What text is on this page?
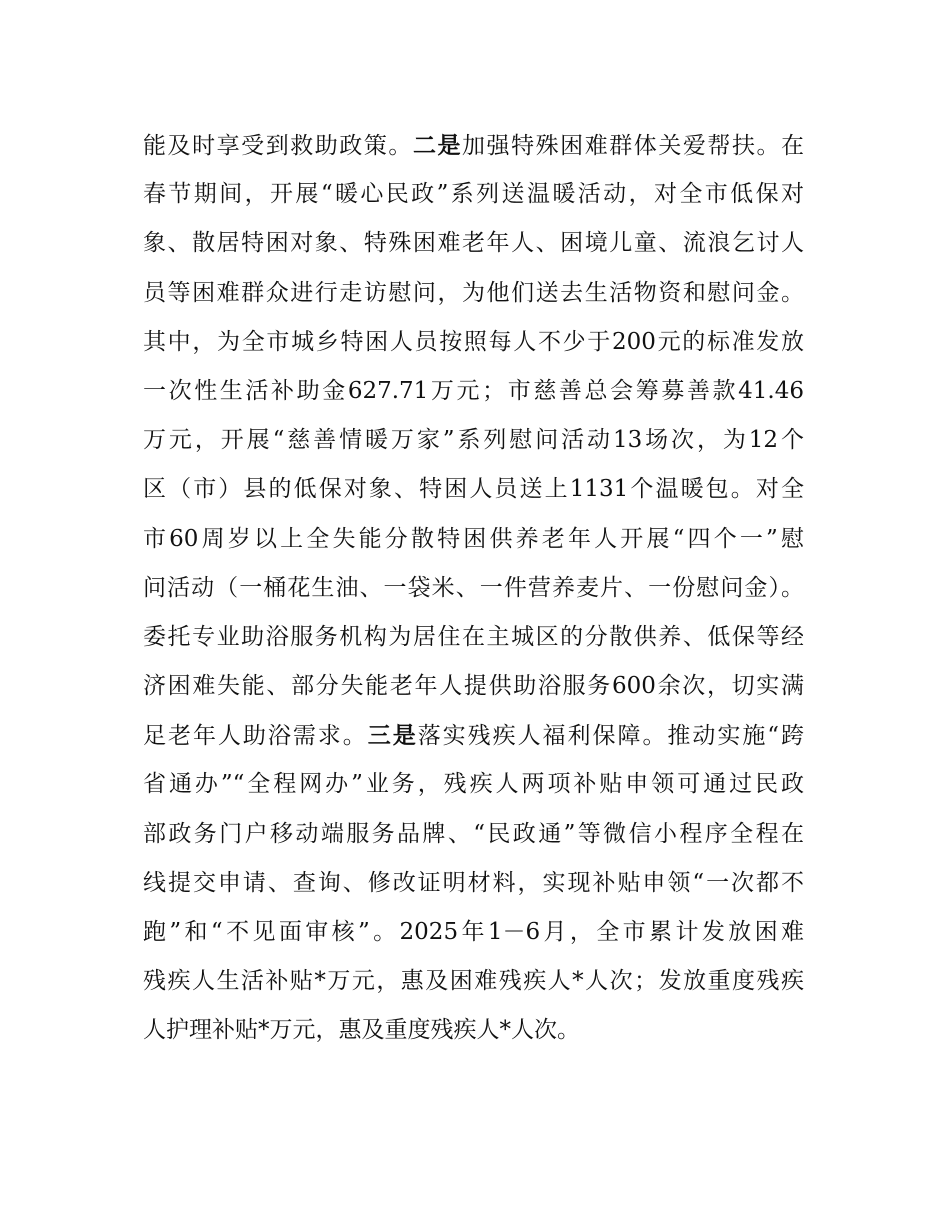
能及时享受到救助政策。二是加强特殊困难群体关爱帮扶。在
春节期间，开展“暖心民政”系列送温暖活动，对全市低保对
象、散居特困对象、特殊困难老年人、困境儿童、流浪乞讨人
员等困难群众进行走访慰问，为他们送去生活物资和慰问金。
其中，为全市城乡特困人员按照每人不少于200元的标准发放
一次性生活补助金627.71万元；市慈善总会筹募善款41.46
万元，开展“慈善情暖万家”系列慰问活动13场次，为12个
区（市）县的低保对象、特困人员送上1131个温暖包。对全
市60周岁以上全失能分散特困供养老年人开展“四个一”慰
问活动（一桶花生油、一袋米、一件营养麦片、一份慰问金）。
委托专业助浴服务机构为居住在主城区的分散供养、低保等经
济困难失能、部分失能老年人提供助浴服务600余次，切实满
足老年人助浴需求。三是落实残疾人福利保障。推动实施“跨
省通办”“全程网办”业务，残疾人两项补贴申领可通过民政
部政务门户移动端服务品牌、“民政通”等微信小程序全程在
线提交申请、查询、修改证明材料，实现补贴申领“一次都不
跑”和“不见面审核”。2025年1－6月，全市累计发放困难
残疾人生活补贴*万元，惠及困难残疾人*人次；发放重度残疾
人护理补贴*万元，惠及重度残疾人*人次。
